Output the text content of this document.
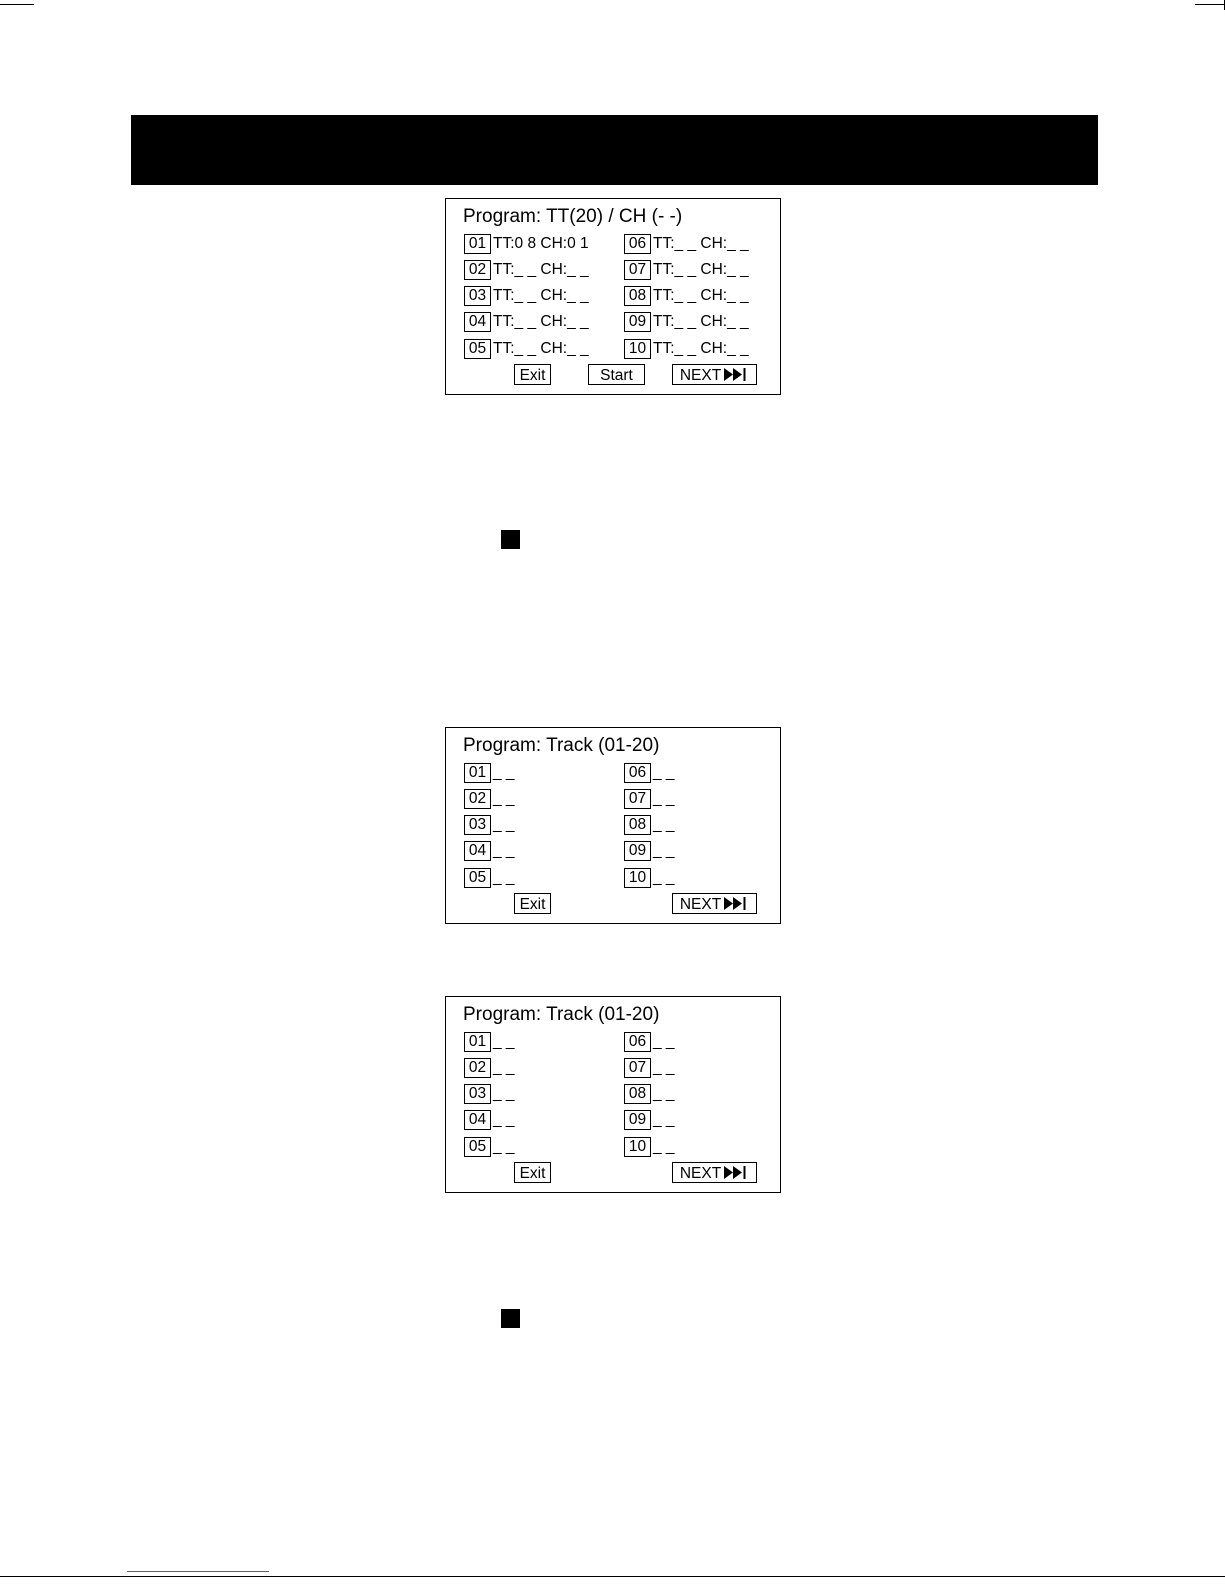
Program: TT(20) / CH (- -)
01 TT:0 8 CH:0 1
02 TT:_ _ CH:_ _
03 TT:_ _ CH:_ _
04 TT:_ _ CH:_ _
05 TT:_ _ CH:_ _
06 TT:_ _ CH:_ _
07 TT:_ _ CH:_ _
08 TT:_ _ CH:_ _
09 TT:_ _ CH:_ _
10 TT:_ _ CH:_ _
Exit	Start	NEXT
Program: Track (01-20)
01 _ _
02 _ _
03 _ _
04 _ _
05 _ _
06 _ _
07 _ _
08 _ _
09 _ _
10 _ _
Exit	NEXT
Program: Track (01-20)
01 _ _
02 _ _
03 _ _
04 _ _
05 _ _
06 _ _
07 _ _
08 _ _
09 _ _
10 _ _
Exit	NEXT
